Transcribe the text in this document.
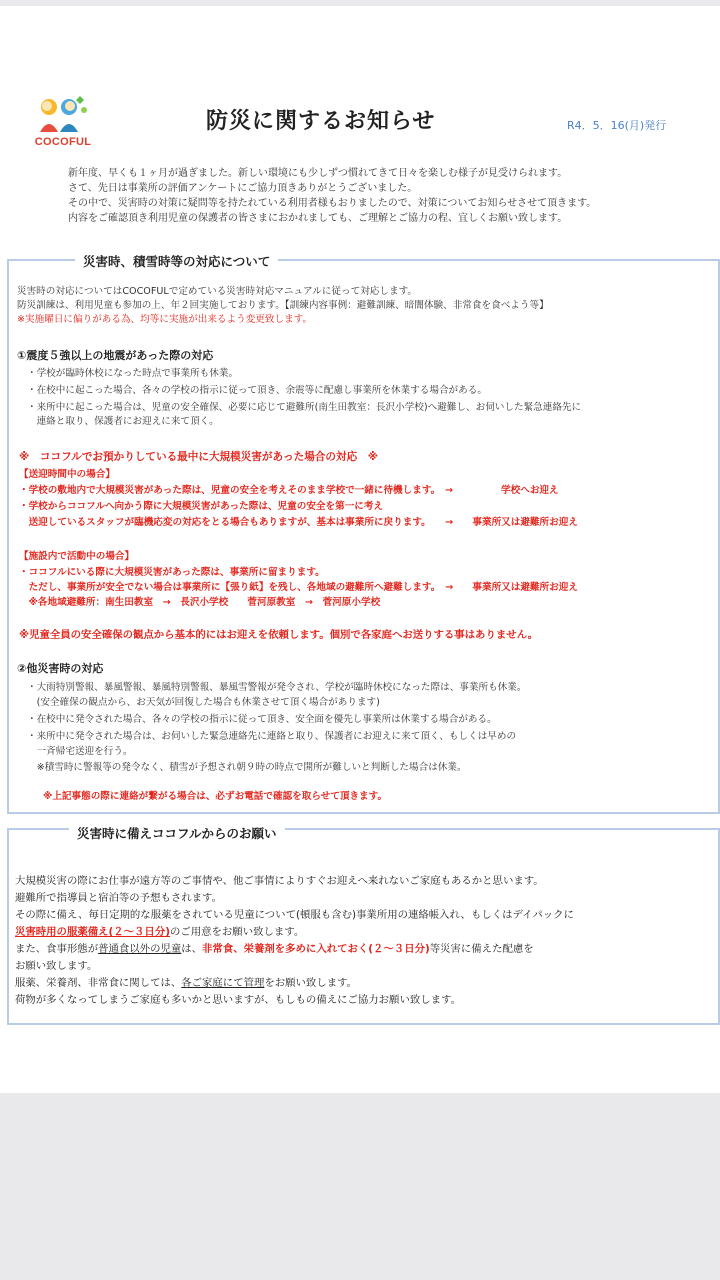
COCOFUL
防災に関するお知らせ	R4．5．16(月)発行

新年度、早くも１ヶ月が過ぎました。新しい環境にも少しずつ慣れてきて日々を楽しむ様子が見受けられます。

さて、先日は事業所の評価アンケートにご協力頂きありがとうございました。

その中で、災害時の対策に疑問等を持たれている利用者様もおりましたので、対策についてお知らせさせて頂きます。

内容をご確認頂き利用児童の保護者の皆さまにおかれましても、ご理解とご協力の程、宜しくお願い致します。

災害時、積雪時等の対応について
災害時の対応についてはCOCOFULで定めている災害時対応マニュアルに従って対応します。
防災訓練は、利用児童も参加の上、年２回実施しております。【訓練内容事例：避難訓練、暗闇体験、非常食を食べよう等】
※実施曜日に偏りがある為、均等に実施が出来るよう変更致します。
①震度５強以上の地震があった際の対応
・学校が臨時休校になった時点で事業所も休業。
・在校中に起こった場合、各々の学校の指示に従って頂き、余震等に配慮し事業所を休業する場合がある。
・来所中に起こった場合は、児童の安全確保、必要に応じて避難所(南生田教室：長沢小学校)へ避難し、お伺いした緊急連絡先に
　連絡と取り、保護者にお迎えに来て頂く。
※　ココフルでお預かりしている最中に大規模災害があった場合の対応　※
【送迎時間中の場合】
・学校の敷地内で大規模災害があった際は、児童の安全を考えそのまま学校で一緒に待機します。　→　　　　　学校へお迎え
・学校からココフルへ向かう際に大規模災害があった際は、児童の安全を第一に考え
　送迎しているスタッフが臨機応変の対応をとる場合もありますが、基本は事業所に戻ります。　　→　　事業所又は避難所お迎え
【施設内で活動中の場合】
・ココフルにいる際に大規模災害があった際は、事業所に留まります。
　ただし、事業所が安全でない場合は事業所に【張り紙】を残し、各地域の避難所へ避難します。　→　　事業所又は避難所お迎え
　※各地域避難所：南生田教室　→　長沢小学校　　菅河原教室　→　菅河原小学校
※児童全員の安全確保の観点から基本的にはお迎えを依頼します。個別で各家庭へお送りする事はありません。
②他災害時の対応
・大雨特別警報、暴風警報、暴風特別警報、暴風雪警報が発令され、学校が臨時休校になった際は、事業所も休業。
　(安全確保の観点から、お天気が回復した場合も休業させて頂く場合があります)
・在校中に発令された場合、各々の学校の指示に従って頂き、安全面を優先し事業所は休業する場合がある。
・来所中に発令された場合は、お伺いした緊急連絡先に連絡と取り、保護者にお迎えに来て頂く、もしくは早めの
　一斉帰宅送迎を行う。
　※積雪時に警報等の発令なく、積雪が予想され朝９時の時点で開所が難しいと判断した場合は休業。
※上記事態の際に連絡が繋がる場合は、必ずお電話で確認を取らせて頂きます。
災害時に備えココフルからのお願い
大規模災害の際にお仕事が遠方等のご事情や、他ご事情によりすぐお迎えへ来れないご家庭もあるかと思います。
避難所で指導員と宿泊等の予想もされます。
その際に備え、毎日定期的な服薬をされている児童について(頓服も含む)事業所用の連絡帳入れ、もしくはデイパックに
災害時用の服薬備え(２～３日分)のご用意をお願い致します。
また、食事形態が普通食以外の児童は、非常食、栄養剤を多めに入れておく(２～３日分)等災害に備えた配慮を
お願い致します。
服薬、栄養剤、非常食に関しては、各ご家庭にて管理をお願い致します。
荷物が多くなってしまうご家庭も多いかと思いますが、もしもの備えにご協力お願い致します。
